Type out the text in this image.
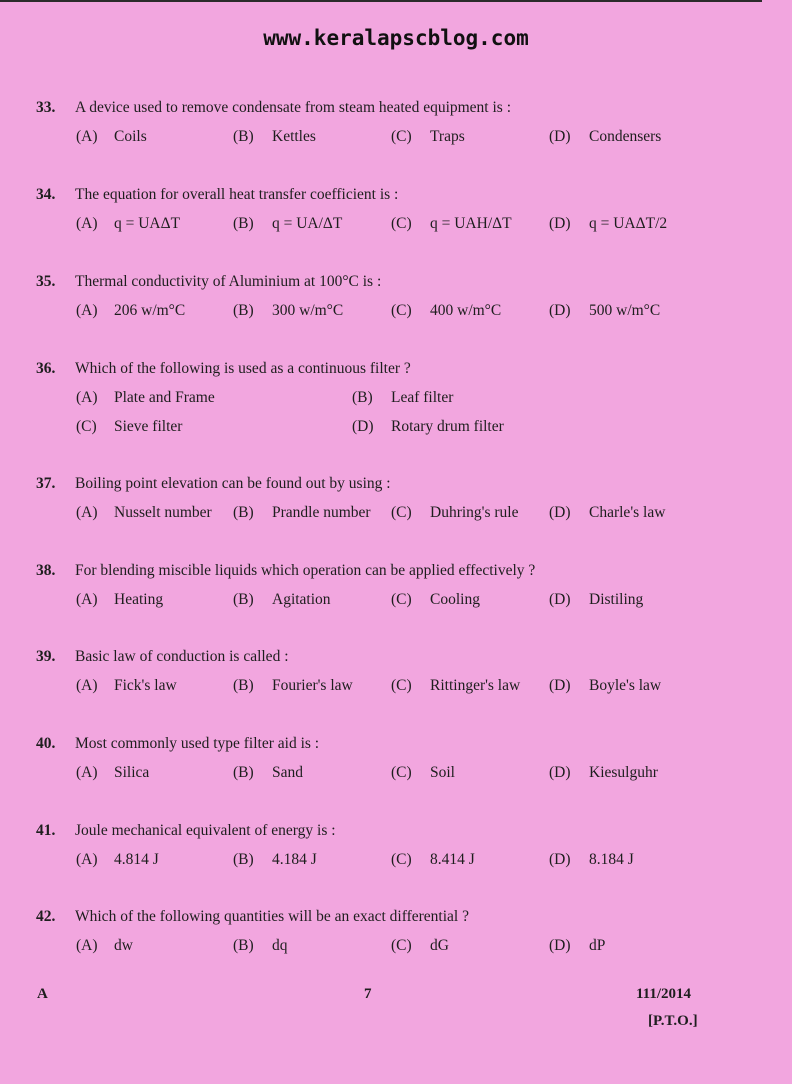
www.keralapscblog.com
33. A device used to remove condensate from steam heated equipment is :
(A) Coils	(B) Kettles	(C) Traps	(D) Condensers
34. The equation for overall heat transfer coefficient is :
(A) q = UAΔT	(B) q = UA/ΔT	(C) q = UAH/ΔT (D) q = UAΔT/2
35. Thermal conductivity of Aluminium at 100°C is :
(A) 206 w/m°C	(B) 300 w/m°C	(C) 400 w/m°C	(D) 500 w/m°C
36. Which of the following is used as a continuous filter ?
(A) Plate and Frame	(B) Leaf filter
(C) Sieve filter	(D) Rotary drum filter
37. Boiling point elevation can be found out by using :
(A) Nusselt number (B) Prandle number (C) Duhring's rule (D) Charle's law
38. For blending miscible liquids which operation can be applied effectively ?
(A) Heating	(B) Agitation	(C) Cooling	(D) Distiling
39. Basic law of conduction is called :
(A) Fick's law	(B) Fourier's law (C) Rittinger's law (D) Boyle's law
40. Most commonly used type filter aid is :
(A) Silica	(B) Sand	(C) Soil	(D) Kiesulguhr
41. Joule mechanical equivalent of energy is :
(A) 4.814 J	(B) 4.184 J	(C) 8.414 J	(D) 8.184 J
42. Which of the following quantities will be an exact differential ?
(A) dw	(B) dq	(C) dG	(D) dP
A	7	111/2014
[P.T.O.]
